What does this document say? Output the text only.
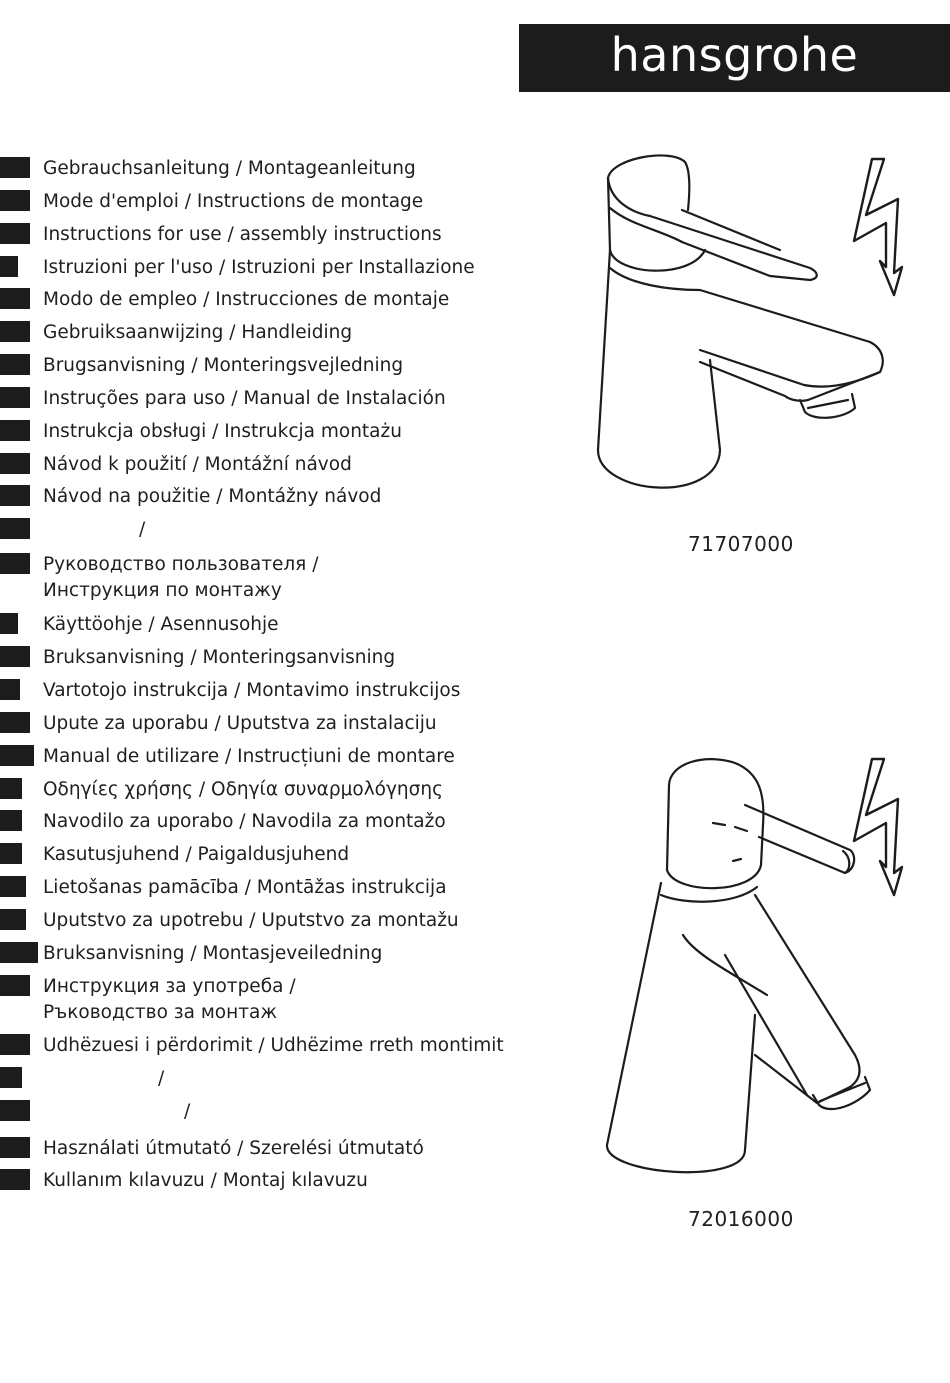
hansgrohe
Gebrauchsanleitung / Montageanleitung
Mode d'emploi / Instructions de montage
Instructions for use / assembly instructions
Istruzioni per l'uso / Istruzioni per Installazione
Modo de empleo / Instrucciones de montaje
Gebruiksaanwijzing / Handleiding
Brugsanvisning / Monteringsvejledning
Instruções para uso / Manual de Instalación
Instrukcja obsługi / Instrukcja montażu
Návod k použití / Montážní návod
Návod na použitie / Montážny návod
/
Руководство пользователя /
Инструкция по монтажу
Käyttöohje / Asennusohje
Bruksanvisning / Monteringsanvisning
Vartotojo instrukcija / Montavimo instrukcijos
Upute za uporabu / Uputstva za instalaciju
Manual de utilizare / Instrucțiuni de montare
Οδηγίες χρήσης / Οδηγία συναρμολόγησης
Navodilo za uporabo / Navodila za montažo
Kasutusjuhend / Paigaldusjuhend
Lietošanas pamācība / Montāžas instrukcija
Uputstvo za upotrebu / Uputstvo za montažu
Bruksanvisning / Montasjeveiledning
Инструкция за употреба /
Ръководство за монтаж
Udhëzuesi i përdorimit / Udhëzime rreth montimit
/
/
Használati útmutató / Szerelési útmutató
Kullanım kılavuzu / Montaj kılavuzu
71707000
72016000
